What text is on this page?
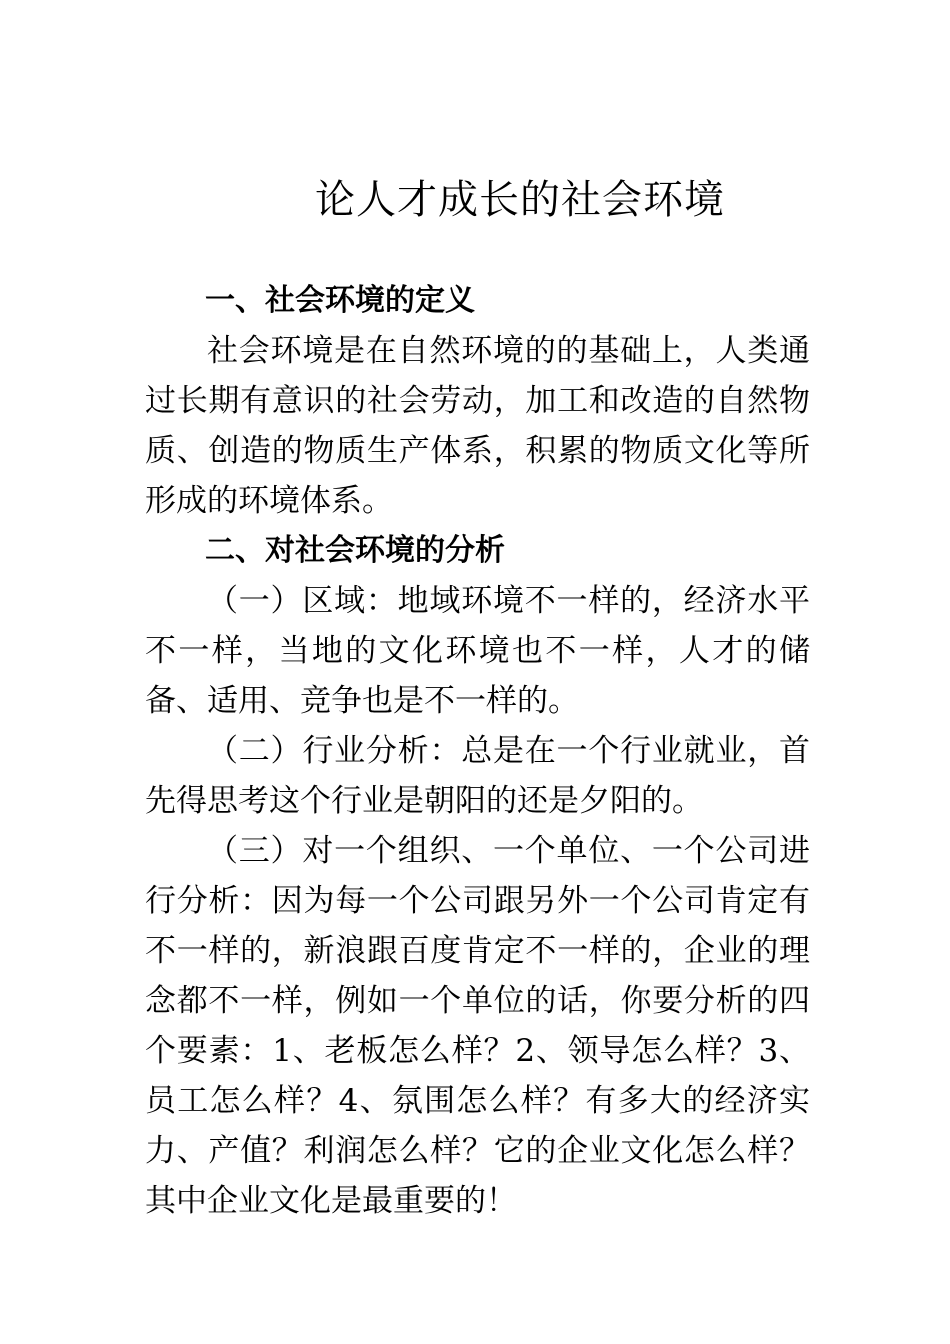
论人才成长的社会环境
一、社会环境的定义

社会环境是在自然环境的的基础上，人类通过长期有意识的社会劳动，加工和改造的自然物质、创造的物质生产体系，积累的物质文化等所形成的环境体系。

二、对社会环境的分析

（一）区域：地域环境不一样的，经济水平不一样，当地的文化环境也不一样，人才的储备、适用、竞争也是不一样的。

（二）行业分析：总是在一个行业就业，首先得思考这个行业是朝阳的还是夕阳的。

（三）对一个组织、一个单位、一个公司进行分析：因为每一个公司跟另外一个公司肯定有不一样的，新浪跟百度肯定不一样的，企业的理念都不一样，例如一个单位的话，你要分析的四个要素：1、老板怎么样？2、领导怎么样？3、员工怎么样？4、氛围怎么样？有多大的经济实力、产值？利润怎么样？它的企业文化怎么样？其中企业文化是最重要的！
